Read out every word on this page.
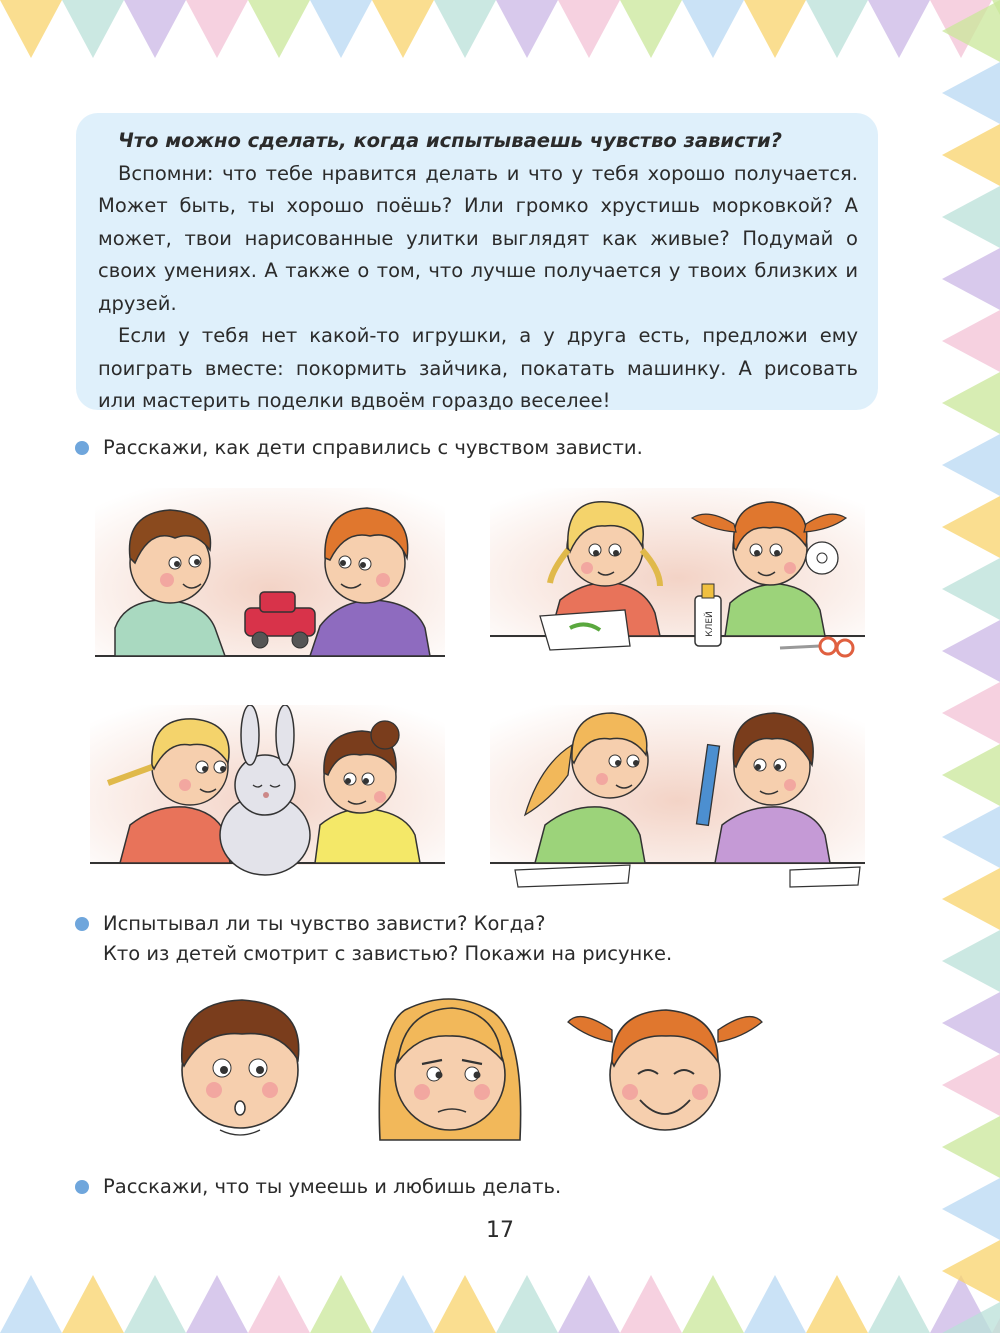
Что можно сделать, когда испытываешь чувство зависти?

Вспомни: что тебе нравится делать и что у тебя хорошо получается. Может быть, ты хорошо поёшь? Или громко хрустишь морковкой? А может, твои нарисованные улитки выглядят как живые? Подумай о своих умениях. А также о том, что лучше получается у твоих близких и друзей.

Если у тебя нет какой-то игрушки, а у друга есть, предложи ему поиграть вместе: покормить зайчика, покатать машинку. А рисовать или мастерить поделки вдвоём гораздо веселее!

Расскажи, как дети справились с чувством зависти.
КЛЕЙ
Испытывал ли ты чувство зависти? Когда?
Кто из детей смотрит с завистью? Покажи на рисунке.
Расскажи, что ты умеешь и любишь делать.
17
